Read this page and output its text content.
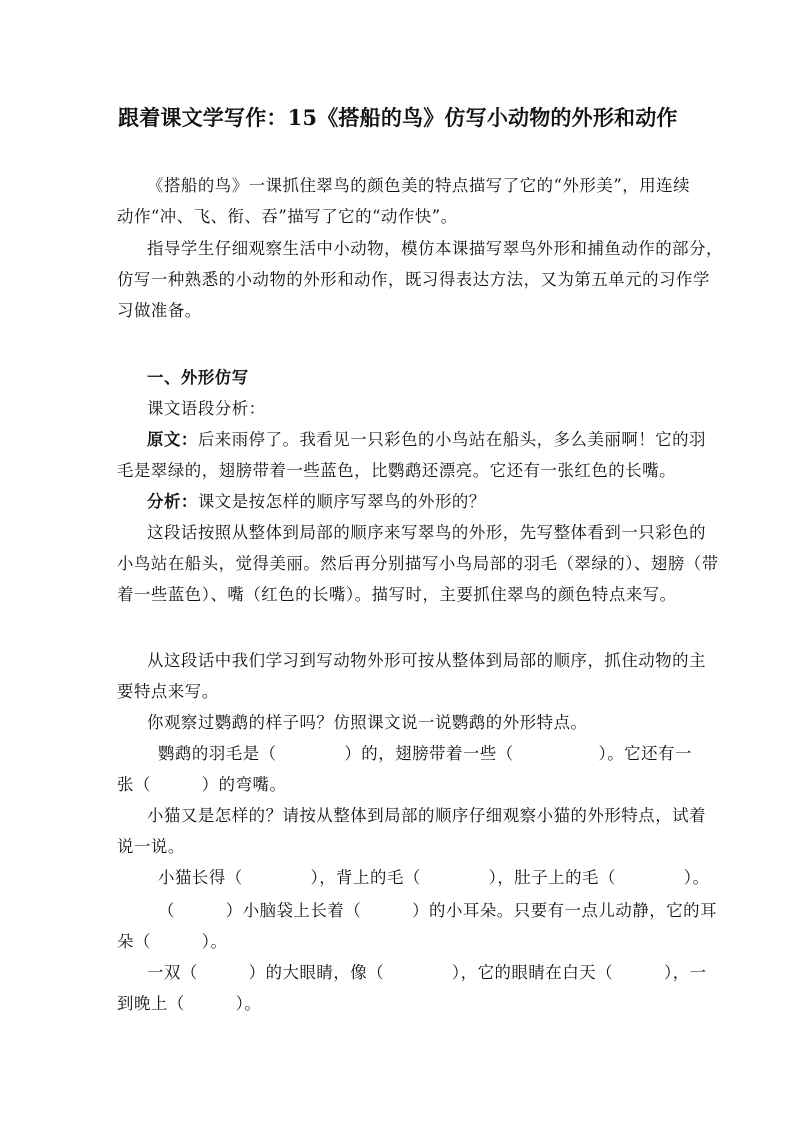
跟着课文学写作：15《搭船的鸟》仿写小动物的外形和动作
《搭船的鸟》一课抓住翠鸟的颜色美的特点描写了它的“外形美”，用连续
动作“冲、飞、衔、吞”描写了它的“动作快”。
指导学生仔细观察生活中小动物，模仿本课描写翠鸟外形和捕鱼动作的部分，
仿写一种熟悉的小动物的外形和动作，既习得表达方法，又为第五单元的习作学
习做准备。
一、外形仿写
课文语段分析：
原文：后来雨停了。我看见一只彩色的小鸟站在船头，多么美丽啊！它的羽
毛是翠绿的，翅膀带着一些蓝色，比鹦鹉还漂亮。它还有一张红色的长嘴。
分析：课文是按怎样的顺序写翠鸟的外形的？
这段话按照从整体到局部的顺序来写翠鸟的外形，先写整体看到一只彩色的
小鸟站在船头，觉得美丽。然后再分别描写小鸟局部的羽毛（翠绿的）、翅膀（带
着一些蓝色）、嘴（红色的长嘴）。描写时，主要抓住翠鸟的颜色特点来写。
从这段话中我们学习到写动物外形可按从整体到局部的顺序，抓住动物的主
要特点来写。
你观察过鹦鹉的样子吗？仿照课文说一说鹦鹉的外形特点。
鹦鹉的羽毛是（　　　　）的，翅膀带着一些（　　　　　）。它还有一
张（　　　）的弯嘴。
小猫又是怎样的？请按从整体到局部的顺序仔细观察小猫的外形特点，试着
说一说。
小猫长得（　　　　），背上的毛（　　　　），肚子上的毛（　　　　）。
（　　　）小脑袋上长着（　　　）的小耳朵。只要有一点儿动静，它的耳
朵（　　　）。
一双（　　　）的大眼睛，像（　　　　），它的眼睛在白天（　　　），一
到晚上（　　　）。
